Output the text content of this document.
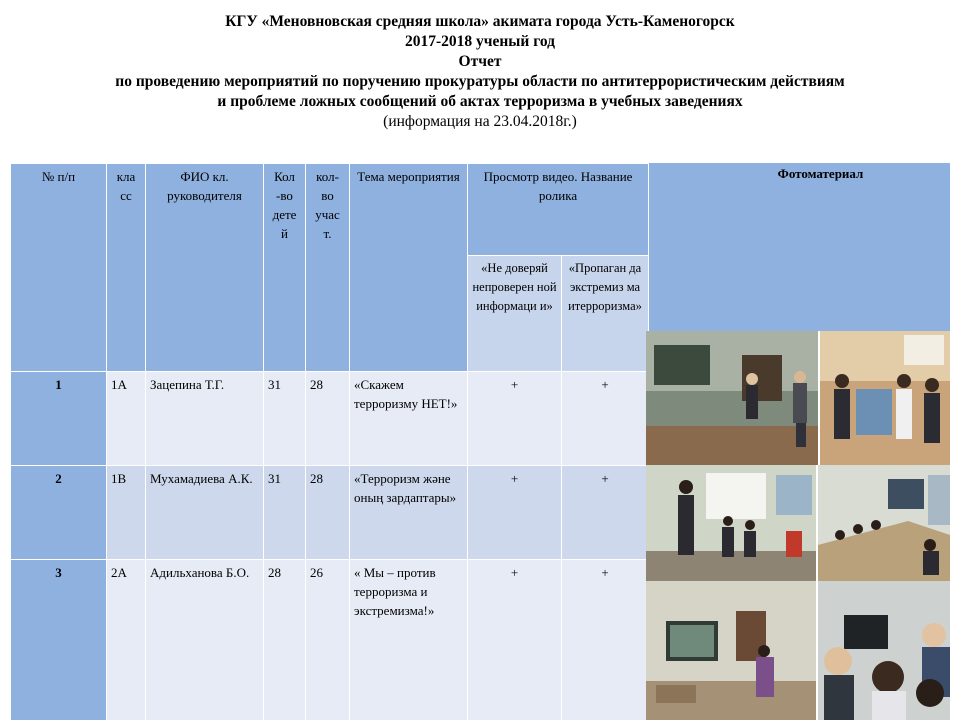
КГУ «Меновновская средняя школа» акимата города Усть-Каменогорск
2017-2018 ученый год
Отчет
по проведению мероприятий по поручению прокуратуры области по антитеррористическим действиям
и проблеме ложных сообщений об актах терроризма в учебных заведениях
(информация на 23.04.2018г.)
№ п/п	кла сс	ФИО кл. руководителя	Кол -во дете й	кол- во учас т.	Тема мероприятия	Просмотр видео. Название ролика	
						«Не доверяй непроверен ной информаци и»	«Пропаган да экстремиз ма итерроризма»
1	1А	Зацепина Т.Г.	31	28	«Скажем терроризму НЕТ!»	+	+
2	1В	Мухамадиева А.К.	31	28	«Терроризм және оның зардаптары»	+	+
3	2А	Адильханова Б.О.	28	26	« Мы – против терроризма и экстремизма!»	+	+
Фотоматериал
